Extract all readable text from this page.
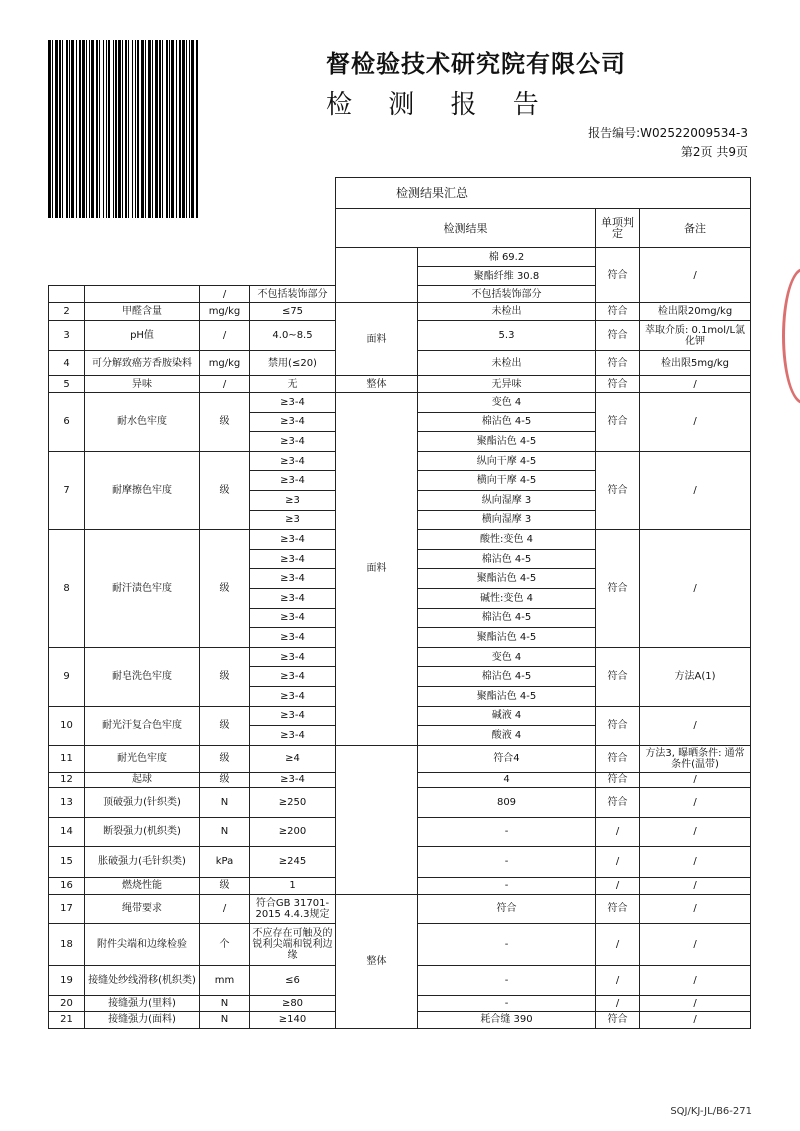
督检验技术研究院有限公司
检 测 报 告
报告编号:W02522009534-3
第2页 共9页
				检测结果汇总			
				检测结果		单项判定	备注
					棉 69.2	符合	/
					聚酯纤维 30.8		
		/	不包括装饰部分		不包括装饰部分		
2	甲醛含量	mg/kg	≤75	面料	未检出	符合	检出限20mg/kg
3	pH值	/	4.0~8.5		5.3	符合	萃取介质: 0.1mol/L氯化钾
4	可分解致癌芳香胺染料	mg/kg	禁用(≤20)		未检出	符合	检出限5mg/kg
5	异味	/	无	整体	无异味	符合	/
6	耐水色牢度	级	≥3-4	面料	变色 4	符合	/
			≥3-4		棉沾色 4-5		
			≥3-4		聚酯沾色 4-5		
7	耐摩擦色牢度	级	≥3-4		纵向干摩 4-5	符合	/
			≥3-4		横向干摩 4-5		
			≥3		纵向湿摩 3		
			≥3		横向湿摩 3		
8	耐汗渍色牢度	级	≥3-4		酸性:变色 4	符合	/
			≥3-4		棉沾色 4-5		
			≥3-4		聚酯沾色 4-5		
			≥3-4		碱性:变色 4		
			≥3-4		棉沾色 4-5		
			≥3-4		聚酯沾色 4-5		
9	耐皂洗色牢度	级	≥3-4		变色 4	符合	方法A(1)
			≥3-4		棉沾色 4-5		
			≥3-4		聚酯沾色 4-5		
10	耐光汗复合色牢度	级	≥3-4		碱液 4	符合	/
			≥3-4		酸液 4		
11	耐光色牢度	级	≥4		符合4	符合	方法3, 曝晒条件: 通常条件(温带)
12	起球	级	≥3-4		4	符合	/
13	顶破强力(针织类)	N	≥250		809	符合	/
14	断裂强力(机织类)	N	≥200		-	/	/
15	胀破强力(毛针织类)	kPa	≥245		-	/	/
16	燃烧性能	级	1		-	/	/
17	绳带要求	/	符合GB 31701-2015 4.4.3规定	整体	符合	符合	/
18	附件尖端和边缘检验	个	不应存在可触及的锐利尖端和锐利边缘		-	/	/
19	接缝处纱线滑移(机织类)	mm	≤6		-	/	/
20	接缝强力(里料)	N	≥80		-	/	/
21	接缝强力(面料)	N	≥140		耗合缝 390	符合	/
SQJ/KJ-JL/B6-271
